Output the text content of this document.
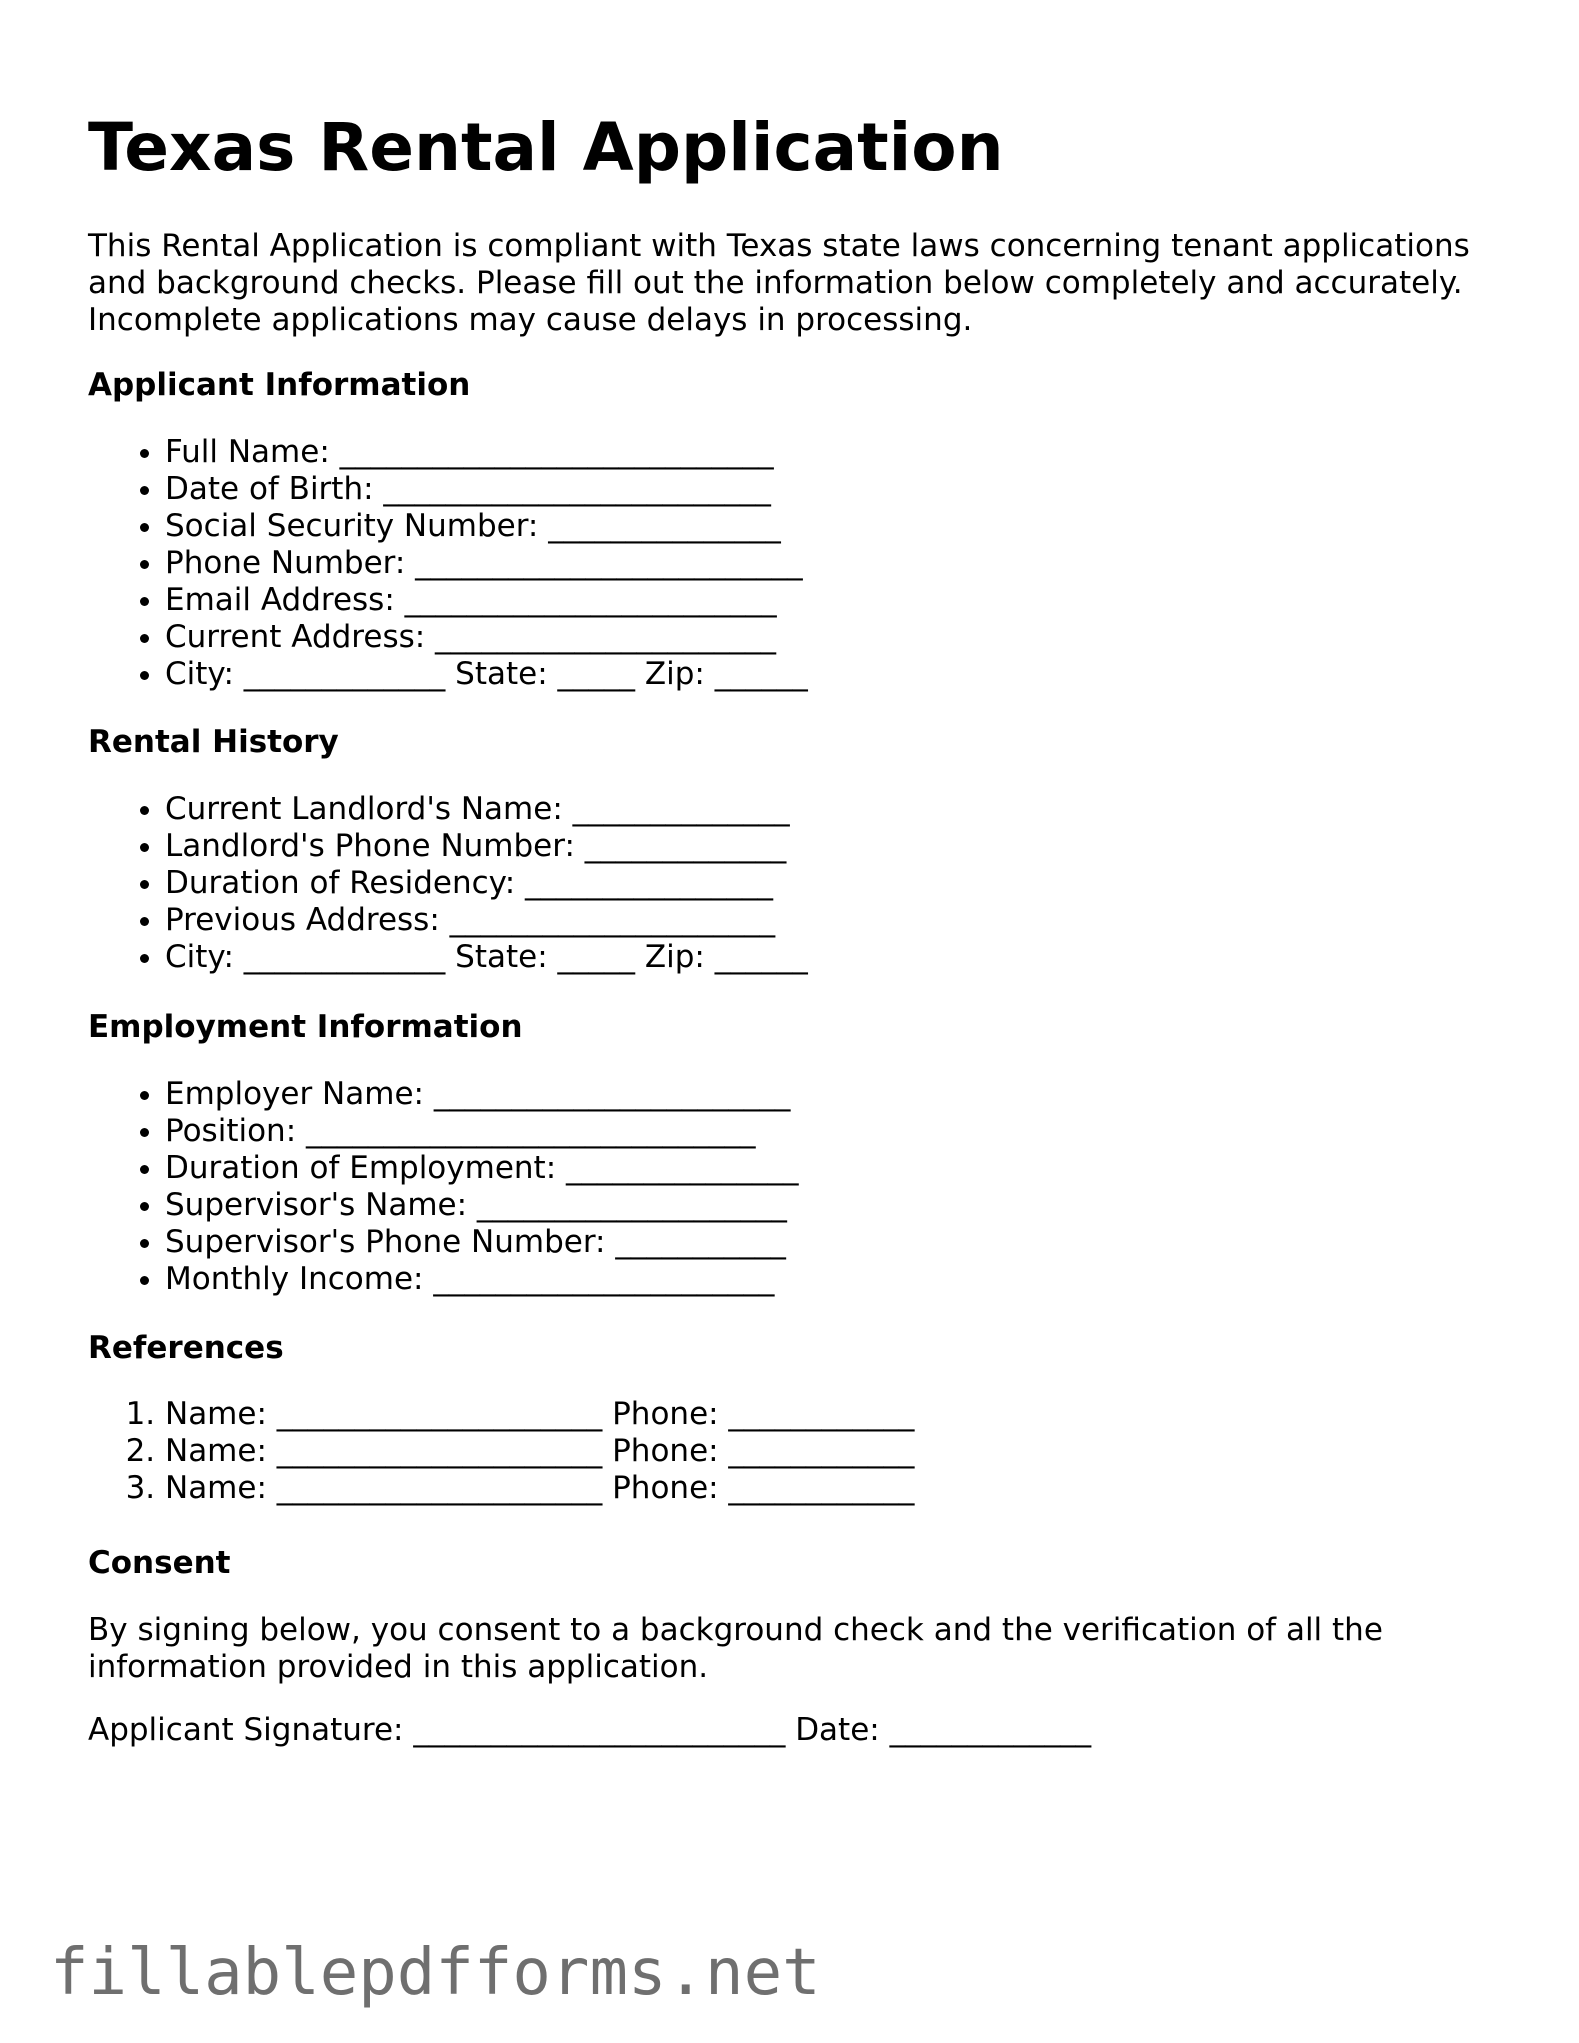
Texas Rental Application

This Rental Application is compliant with Texas state laws concerning tenant applications and background checks. Please fill out the information below completely and accurately. Incomplete applications may cause delays in processing.

Applicant Information
• Full Name: ____________________________
• Date of Birth: _________________________
• Social Security Number: _______________
• Phone Number: _________________________
• Email Address: ________________________
• Current Address: ______________________
• City: _____________ State: _____ Zip: ______
Rental History
• Current Landlord's Name: ______________
• Landlord's Phone Number: _____________
• Duration of Residency: ________________
• Previous Address: _____________________
• City: _____________ State: _____ Zip: ______
Employment Information
• Employer Name: _______________________
• Position: _____________________________
• Duration of Employment: _______________
• Supervisor's Name: ____________________
• Supervisor's Phone Number: ___________
• Monthly Income: ______________________
References
1. Name: _____________________ Phone: ____________
2. Name: _____________________ Phone: ____________
3. Name: _____________________ Phone: ____________
Consent

By signing below, you consent to a background check and the verification of all the information provided in this application.

Applicant Signature: ________________________ Date: _____________

fillablepdfforms.net
